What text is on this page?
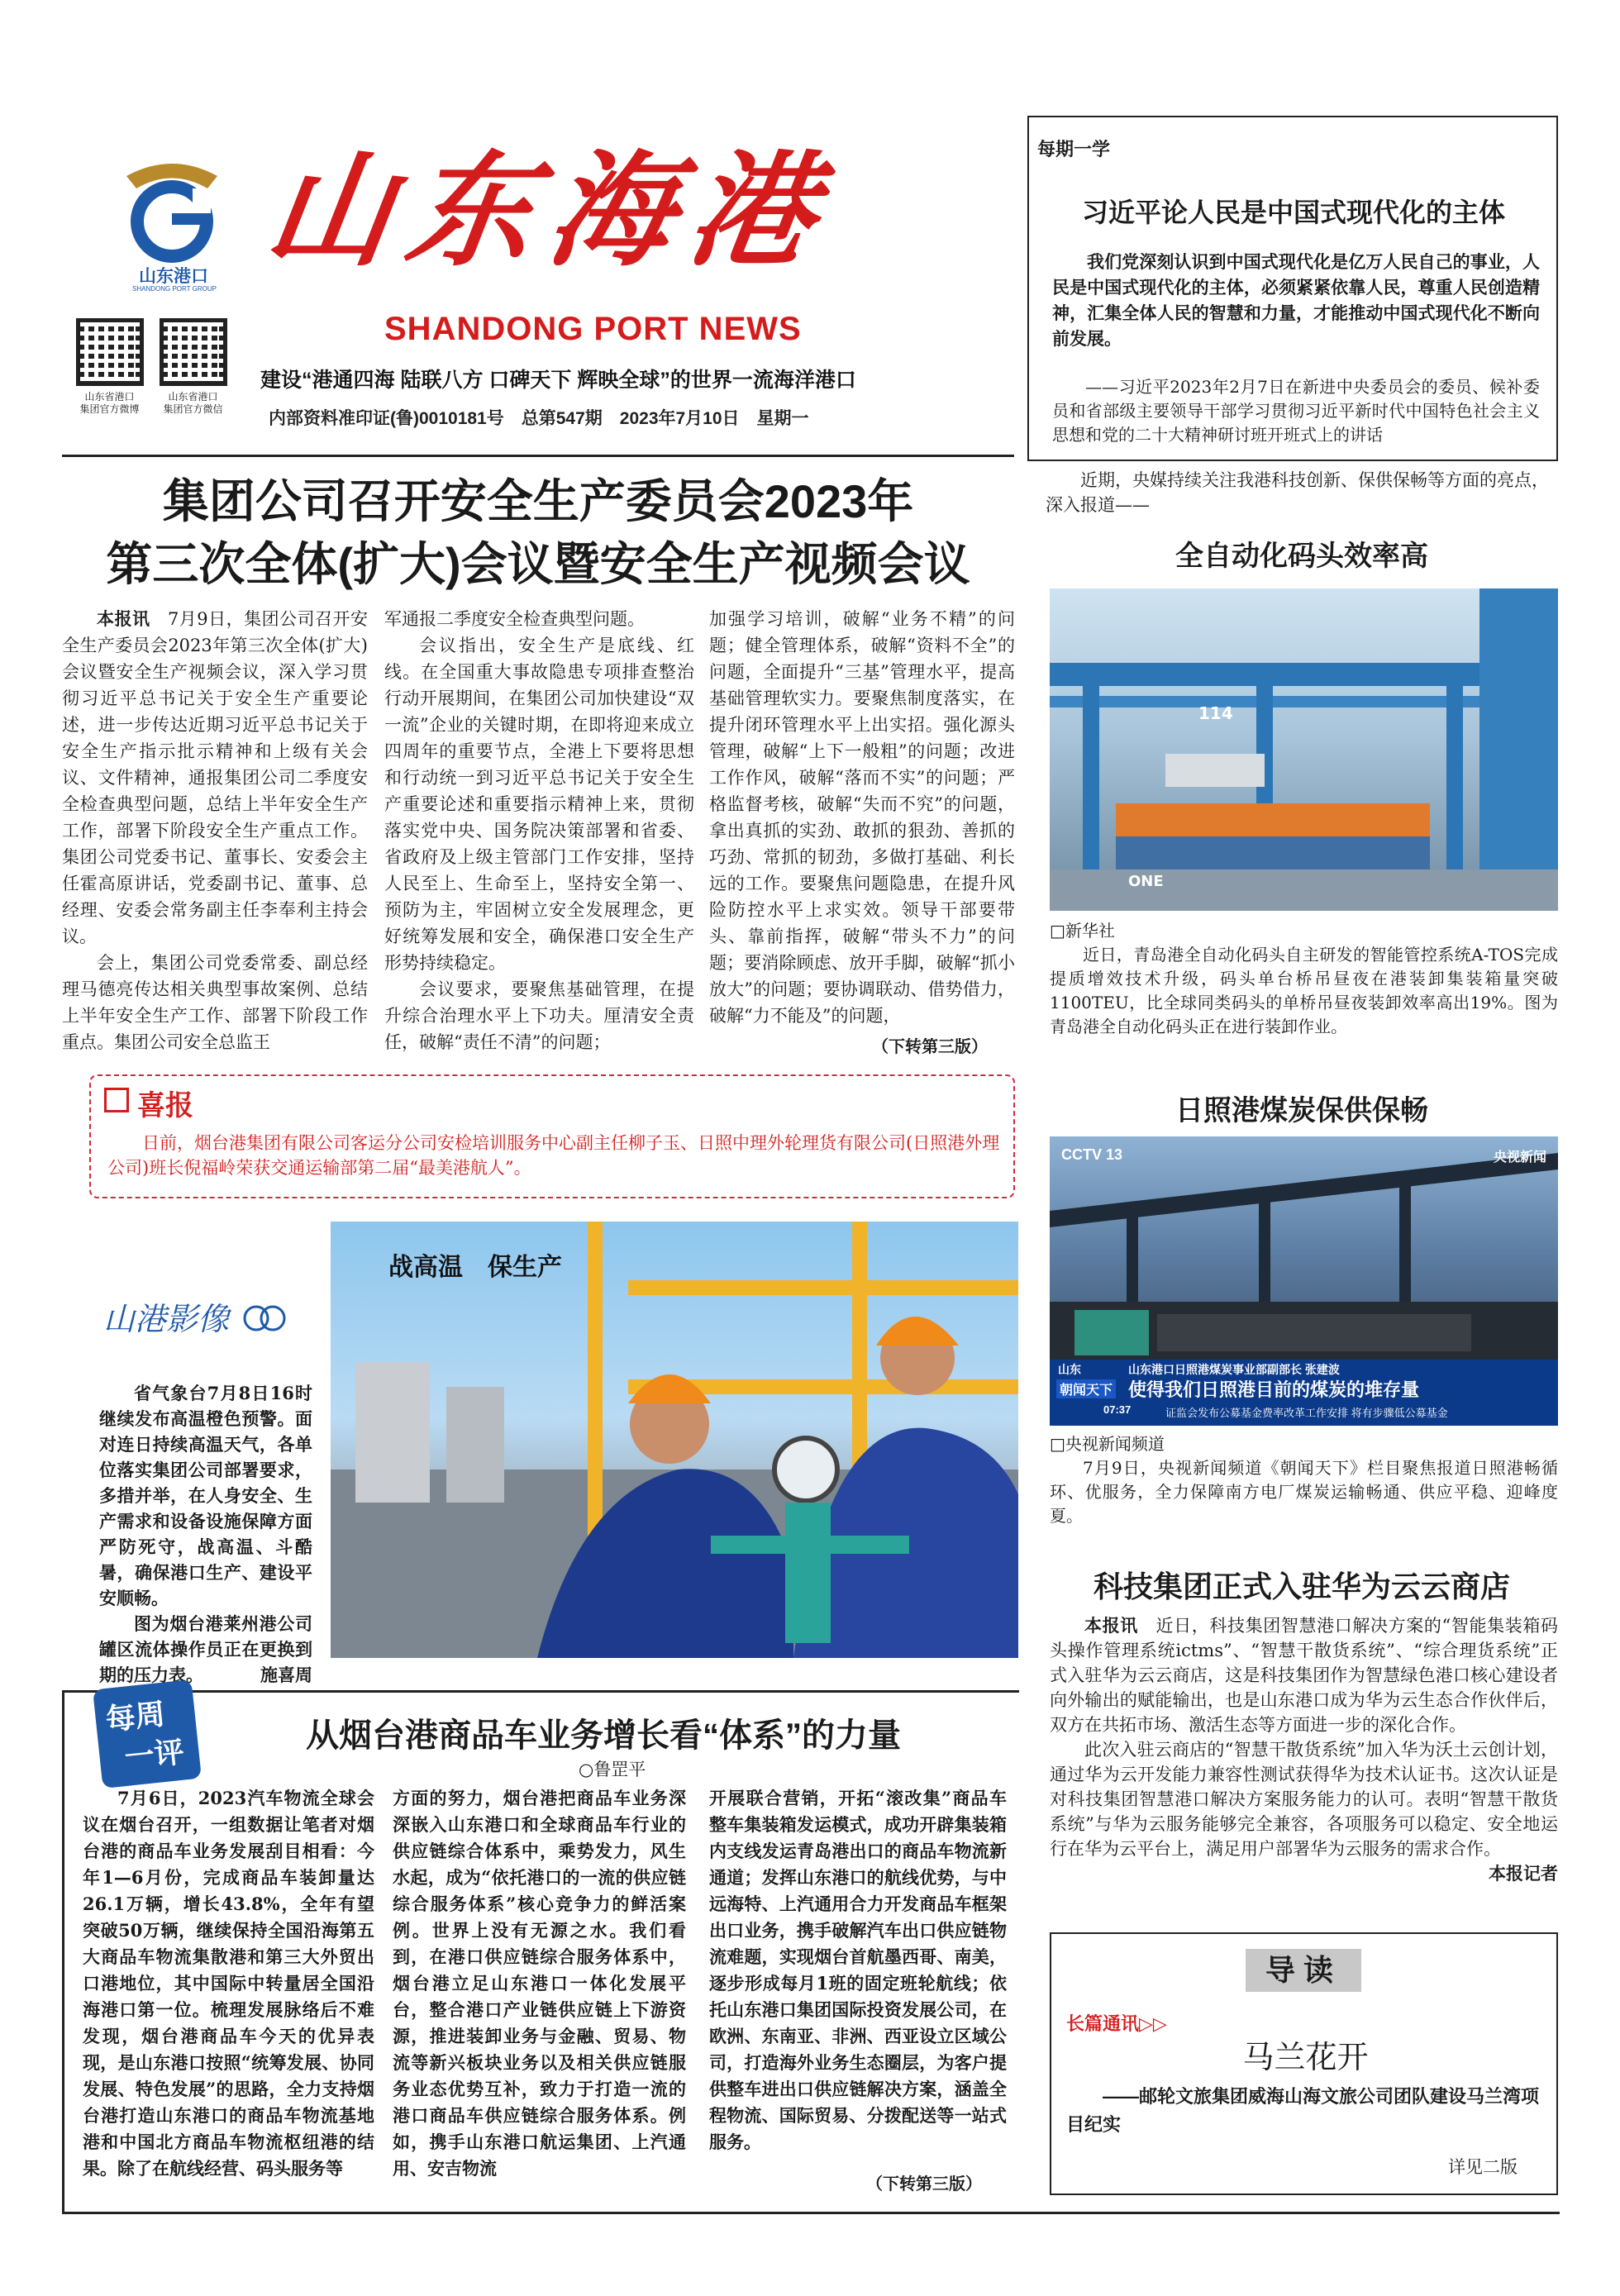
山东港口
SHANDONG PORT GROUP
山东海港
SHANDONG PORT NEWS
山东省港口
集团官方微博
山东省港口
集团官方微信
建设“港通四海 陆联八方 口碑天下 辉映全球”的世界一流海洋港口
内部资料准印证(鲁)0010181号　总第547期　2023年7月10日　星期一
每期一学
习近平论人民是中国式现代化的主体
我们党深刻认识到中国式现代化是亿万人民自己的事业，人民是中国式现代化的主体，必须紧紧依靠人民，尊重人民创造精神，汇集全体人民的智慧和力量，才能推动中国式现代化不断向前发展。
——习近平2023年2月7日在新进中央委员会的委员、候补委员和省部级主要领导干部学习贯彻习近平新时代中国特色社会主义思想和党的二十大精神研讨班开班式上的讲话
集团公司召开安全生产委员会2023年
第三次全体(扩大)会议暨安全生产视频会议

本报讯　 7月9日，集团公司召开安全生产委员会2023年第三次全体(扩大)会议暨安全生产视频会议，深入学习贯彻习近平总书记关于安全生产重要论述，进一步传达近期习近平总书记关于安全生产指示批示精神和上级有关会议、文件精神，通报集团公司二季度安全检查典型问题，总结上半年安全生产工作，部署下阶段安全生产重点工作。集团公司党委书记、董事长、安委会主任霍高原讲话，党委副书记、董事、总经理、安委会常务副主任李奉利主持会议。

会上，集团公司党委常委、副总经理马德亮传达相关典型事故案例、总结上半年安全生产工作、部署下阶段工作重点。集团公司安全总监王

军通报二季度安全检查典型问题。

会议指出，安全生产是底线、红线。在全国重大事故隐患专项排查整治行动开展期间，在集团公司加快建设“双一流”企业的关键时期，在即将迎来成立四周年的重要节点，全港上下要将思想和行动统一到习近平总书记关于安全生产重要论述和重要指示精神上来，贯彻落实党中央、国务院决策部署和省委、省政府及上级主管部门工作安排，坚持人民至上、生命至上，坚持安全第一、预防为主，牢固树立安全发展理念，更好统筹发展和安全，确保港口安全生产形势持续稳定。

会议要求，要聚焦基础管理，在提升综合治理水平上下功夫。厘清安全责任，破解“责任不清”的问题；

加强学习培训，破解“业务不精”的问题；健全管理体系，破解“资料不全”的问题，全面提升“三基”管理水平，提高基础管理软实力。要聚焦制度落实，在提升闭环管理水平上出实招。强化源头管理，破解“上下一般粗”的问题；改进工作作风，破解“落而不实”的问题；严格监督考核，破解“失而不究”的问题，拿出真抓的实劲、敢抓的狠劲、善抓的巧劲、常抓的韧劲，多做打基础、利长远的工作。要聚焦问题隐患，在提升风险防控水平上求实效。领导干部要带头、靠前指挥，破解“带头不力”的问题；要消除顾虑、放开手脚，破解“抓小放大”的问题；要协调联动、借势借力，破解“力不能及”的问题，

（下转第三版）
喜报
日前，烟台港集团有限公司客运分公司安检培训服务中心副主任柳子玉、日照中理外轮理货有限公司(日照港外理公司)班长倪福岭荣获交通运输部第二届“最美港航人”。
山港影像

省气象台7月8日16时继续发布高温橙色预警。面对连日持续高温天气，各单位落实集团公司部署要求，多措并举，在人身安全、生产需求和设备设施保障方面严防死守，战高温、斗酷暑，确保港口生产、建设平安顺畅。

图为烟台港莱州港公司罐区流体操作员正在更换到期的压力表。	施喜周

战高温　保生产
近期，央媒持续关注我港科技创新、保供保畅等方面的亮点，深入报道——
全自动化码头效率高
114
ONE
□新华社

近日，青岛港全自动化码头自主研发的智能管控系统A-TOS完成提质增效技术升级，码头单台桥吊昼夜在港装卸集装箱量突破1100TEU，比全球同类码头的单桥吊昼夜装卸效率高出19%。图为青岛港全自动化码头正在进行装卸作业。

日照港煤炭保供保畅
CCTV 13	央视新闻
山东	山东港口日照港煤炭事业部副部长 张建波
朝闻天下 使得我们日照港目前的煤炭的堆存量
07:37	证监会发布公募基金费率改革工作安排 将有步骤低公募基金
□央视新闻频道

7月9日，央视新闻频道《朝闻天下》栏目聚焦报道日照港畅循环、优服务，全力保障南方电厂煤炭运输畅通、供应平稳、迎峰度夏。

科技集团正式入驻华为云云商店

本报讯　 近日，科技集团智慧港口解决方案的“智能集装箱码头操作管理系统ictms”、“智慧干散货系统”、“综合理货系统”正式入驻华为云云商店，这是科技集团作为智慧绿色港口核心建设者向外输出的赋能输出，也是山东港口成为华为云生态合作伙伴后，双方在共拓市场、激活生态等方面进一步的深化合作。

此次入驻云商店的“智慧干散货系统”加入华为沃土云创计划，通过华为云开发能力兼容性测试获得华为技术认证书。这次认证是对科技集团智慧港口解决方案服务能力的认可。表明“智慧干散货系统”与华为云服务能够完全兼容，各项服务可以稳定、安全地运行在华为云平台上，满足用户部署华为云服务的需求合作。
本报记者

每周
一评	从烟台港商品车业务增长看“体系”的力量
○鲁罡平

7月6日，2023汽车物流全球会议在烟台召开，一组数据让笔者对烟台港的商品车业务发展刮目相看：今年1—6月份，完成商品车装卸量达26.1万辆，增长43.8%，全年有望突破50万辆，继续保持全国沿海第五大商品车物流集散港和第三大外贸出口港地位，其中国际中转量居全国沿海港口第一位。梳理发展脉络后不难发现，烟台港商品车今天的优异表现，是山东港口按照“统筹发展、协同发展、特色发展”的思路，全力支持烟台港打造山东港口的商品车物流基地港和中国北方商品车物流枢纽港的结果。除了在航线经营、码头服务等

方面的努力，烟台港把商品车业务深深嵌入山东港口和全球商品车行业的供应链综合体系中，乘势发力，风生水起，成为“依托港口的一流的供应链综合服务体系”核心竞争力的鲜活案例。世界上没有无源之水。我们看到，在港口供应链综合服务体系中，烟台港立足山东港口一体化发展平台，整合港口产业链供应链上下游资源，推进装卸业务与金融、贸易、物流等新兴板块业务以及相关供应链服务业态优势互补，致力于打造一流的港口商品车供应链综合服务体系。例如，携手山东港口航运集团、上汽通用、安吉物流

开展联合营销，开拓“滚改集”商品车整车集装箱发运模式，成功开辟集装箱内支线发运青岛港出口的商品车物流新通道；发挥山东港口的航线优势，与中远海特、上汽通用合力开发商品车框架出口业务，携手破解汽车出口供应链物流难题，实现烟台首航墨西哥、南美，逐步形成每月1班的固定班轮航线；依托山东港口集团国际投资发展公司，在欧洲、东南亚、非洲、西亚设立区域公司，打造海外业务生态圈层，为客户提供整车进出口供应链解决方案，涵盖全程物流、国际贸易、分拨配送等一站式服务。

（下转第三版）
导读
长篇通讯▷▷
马兰花开
——邮轮文旅集团威海山海文旅公司团队建设马兰湾项目纪实
详见二版
